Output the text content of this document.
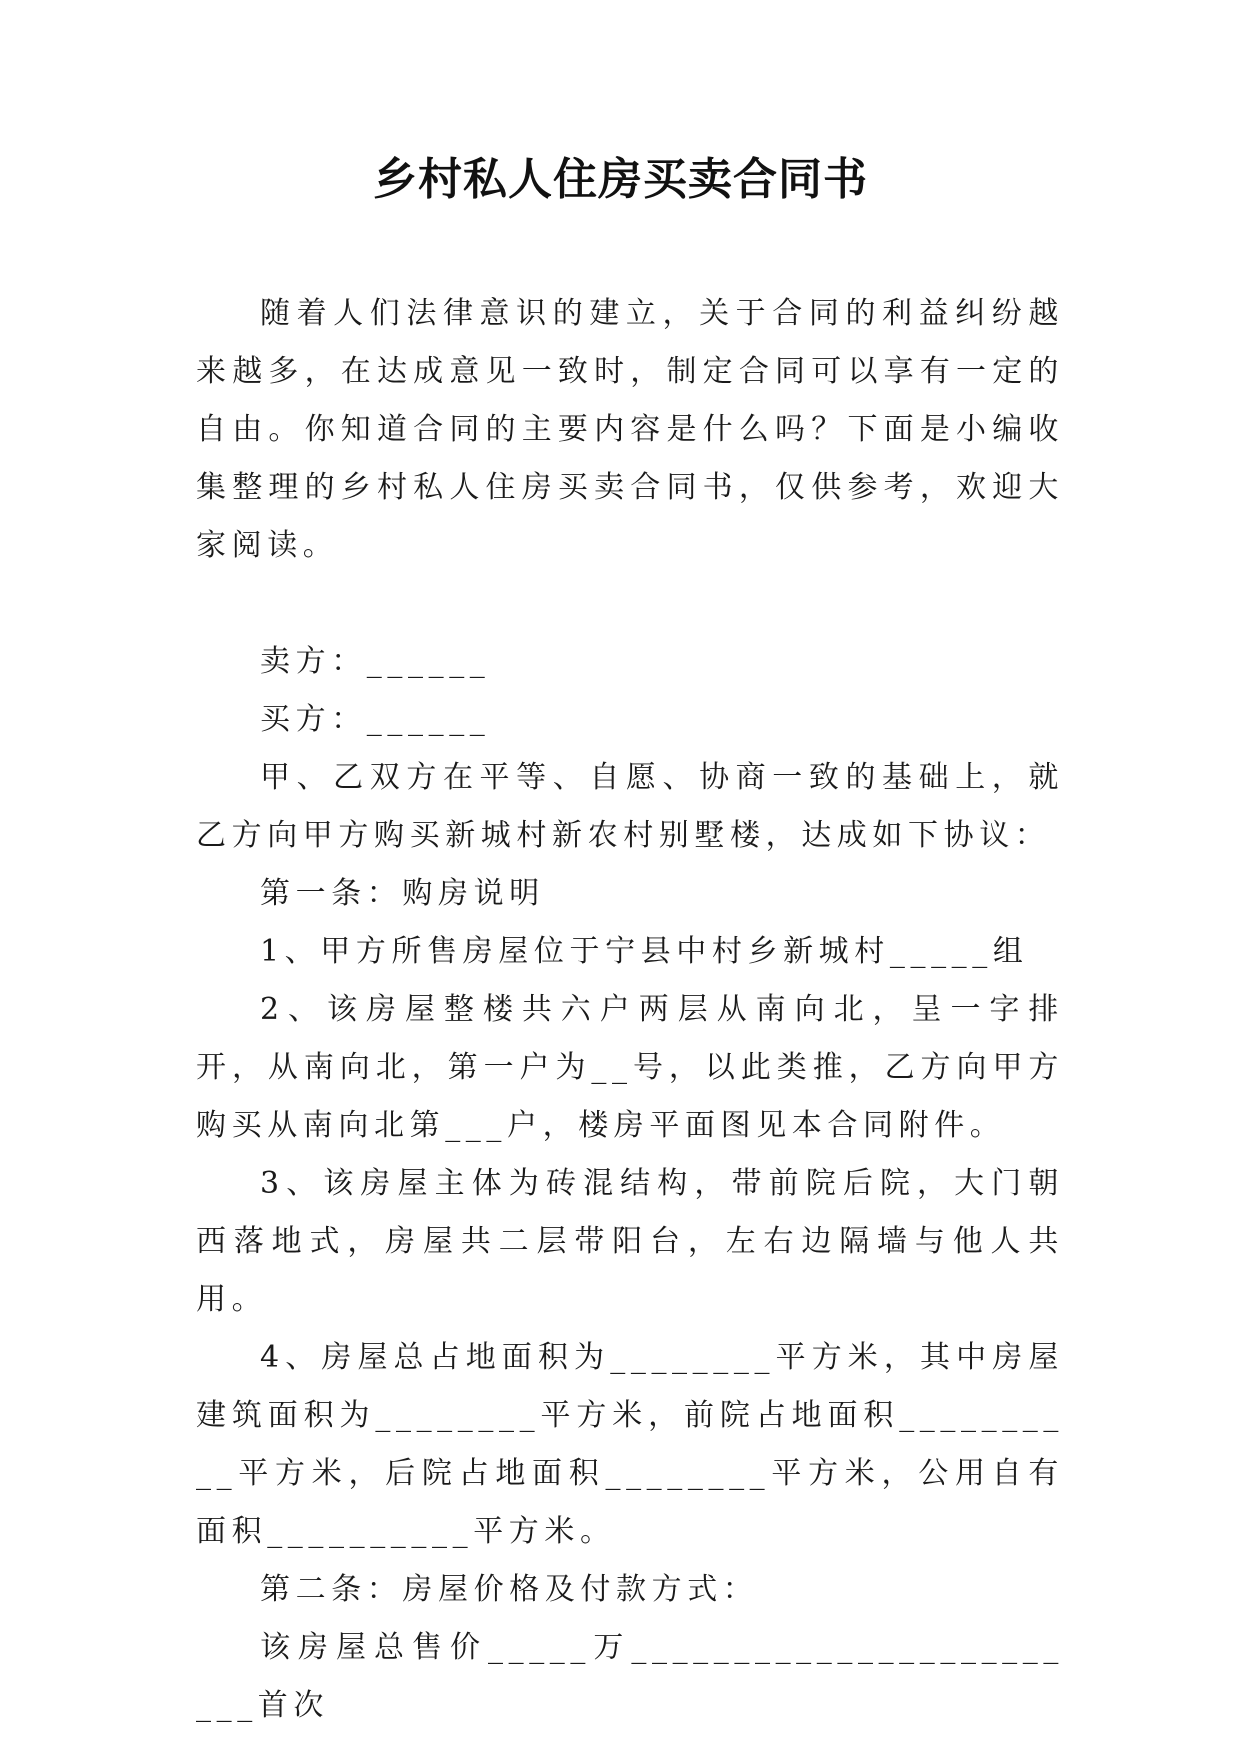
乡村私人住房买卖合同书

随着人们法律意识的建立，关于合同的利益纠纷越来越多，在达成意见一致时，制定合同可以享有一定的自由。你知道合同的主要内容是什么吗？下面是小编收集整理的乡村私人住房买卖合同书，仅供参考，欢迎大家阅读。

卖方：______

买方：______

甲、乙双方在平等、自愿、协商一致的基础上，就乙方向甲方购买新城村新农村别墅楼，达成如下协议：

第一条：购房说明

1、甲方所售房屋位于宁县中村乡新城村_____组

2、该房屋整楼共六户两层从南向北，呈一字排开，从南向北，第一户为__号，以此类推，乙方向甲方购买从南向北第___户，楼房平面图见本合同附件。

3、该房屋主体为砖混结构，带前院后院，大门朝西落地式，房屋共二层带阳台，左右边隔墙与他人共用。

4、房屋总占地面积为________平方米，其中房屋建筑面积为________平方米，前院占地面积__________平方米，后院占地面积________平方米，公用自有面积__________平方米。

第二条：房屋价格及付款方式：

该房屋总售价_____万________________________首次
